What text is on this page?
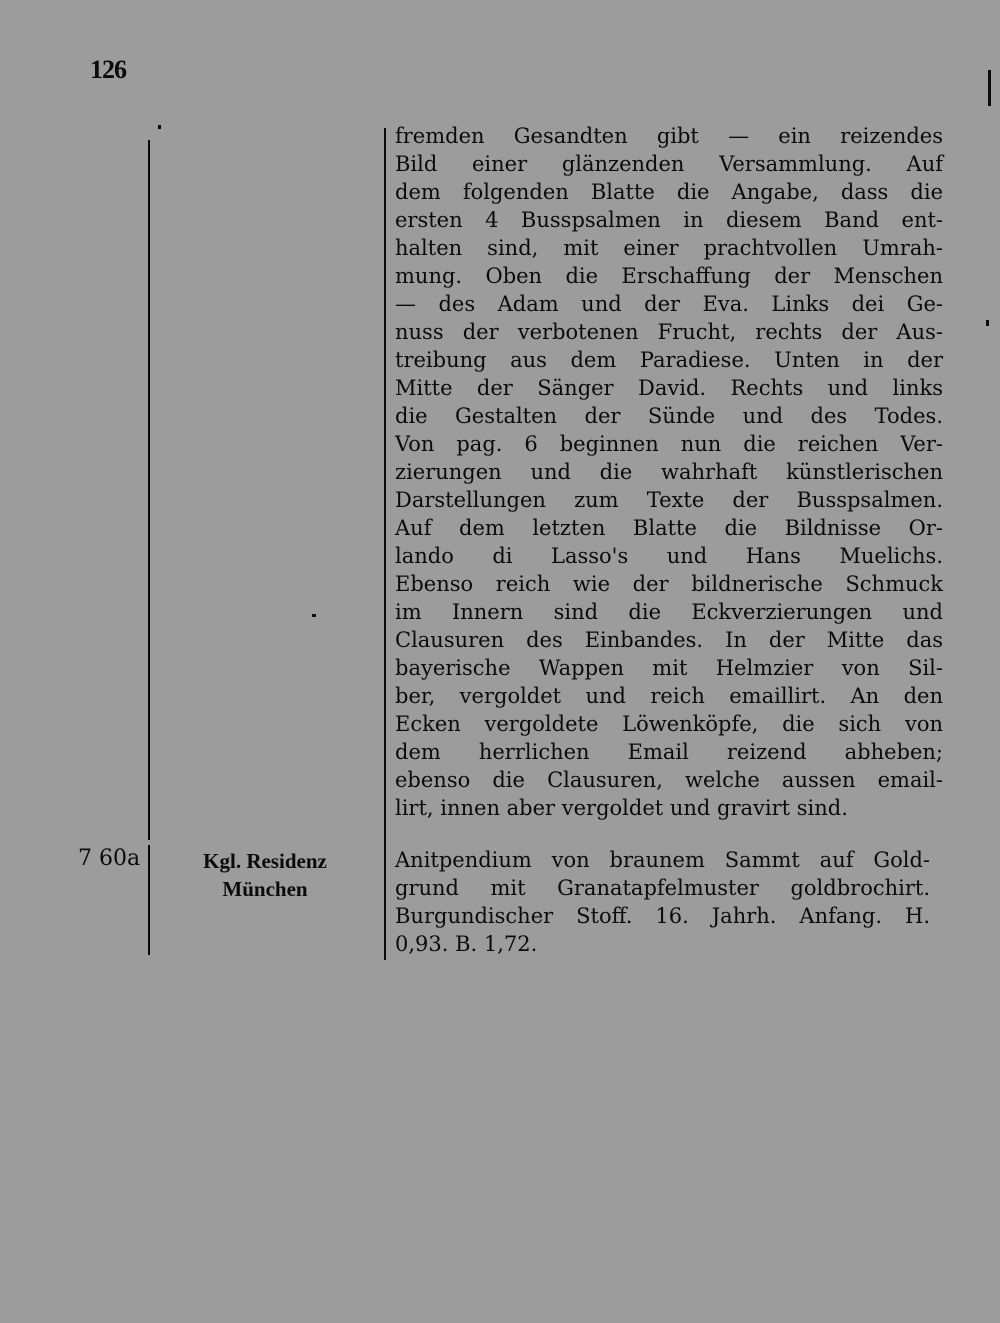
126
fremden Gesandten gibt — ein reizendes
Bild einer glänzenden Versammlung. Auf
dem folgenden Blatte die Angabe, dass die
ersten 4 Busspsalmen in diesem Band ent-
halten sind, mit einer prachtvollen Umrah-
mung. Oben die Erschaffung der Menschen
— des Adam und der Eva. Links dei Ge-
nuss der verbotenen Frucht, rechts der Aus-
treibung aus dem Paradiese. Unten in der
Mitte der Sänger David. Rechts und links
die Gestalten der Sünde und des Todes.
Von pag. 6 beginnen nun die reichen Ver-
zierungen und die wahrhaft künstlerischen
Darstellungen zum Texte der Busspsalmen.
Auf dem letzten Blatte die Bildnisse Or-
lando di Lasso's und Hans Muelichs.
Ebenso reich wie der bildnerische Schmuck
im Innern sind die Eckverzierungen und
Clausuren des Einbandes. In der Mitte das
bayerische Wappen mit Helmzier von Sil-
ber, vergoldet und reich emaillirt. An den
Ecken vergoldete Löwenköpfe, die sich von
dem herrlichen Email reizend abheben;
ebenso die Clausuren, welche aussen email-
lirt, innen aber vergoldet und gravirt sind.
7 60a	Kgl. Residenz
München
Anitpendium von braunem Sammt auf Gold-
grund mit Granatapfelmuster goldbrochirt.
Burgundischer Stoff. 16. Jahrh. Anfang. H.
0,93. B. 1,72.
